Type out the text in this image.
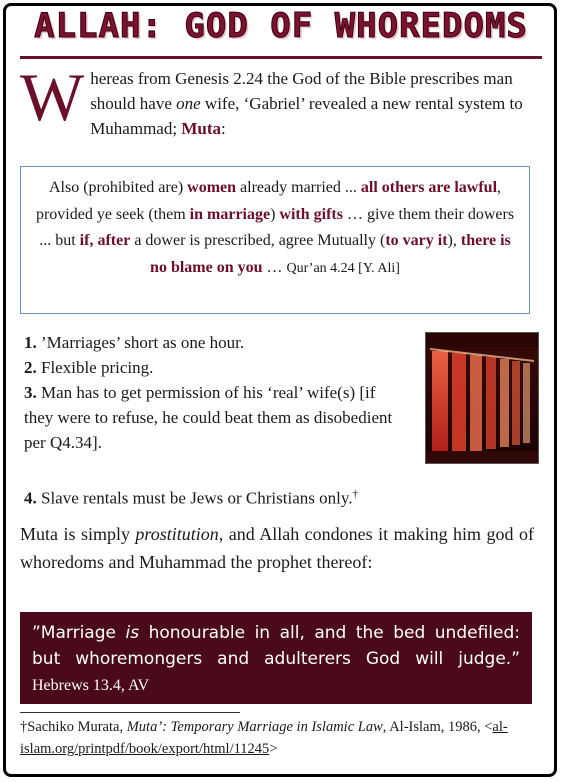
ALLAH: GOD OF WHOREDOMS
Whereas from Genesis 2.24 the God of the Bible prescribes man should have one wife, ‘Gabriel’ revealed a new rental system to Muhammad; Muta:
Also (prohibited are) women already married ... all others are lawful, provided ye seek (them in marriage) with gifts … give them their dowers ... but if, after a dower is prescribed, agree Mutually (to vary it), there is no blame on you … Qur’an 4.24 [Y. Ali]

1. ’Marriages’ short as one hour.

2. Flexible pricing.

3. Man has to get permission of his ‘real’ wife(s) [if they were to refuse, he could beat them as disobedient per Q4.34].

4. Slave rentals must be Jews or Christians only.†
Muta is simply prostitution, and Allah condones it making him god of whoredoms and Muhammad the prophet thereof:
”Marriage is honourable in all, and the bed undefiled: but whoremongers and adulterers God will judge.” Hebrews 13.4, AV
†Sachiko Murata, Muta’: Temporary Marriage in Islamic Law, Al-Islam, 1986, <al-islam.org/printpdf/book/export/html/11245>
